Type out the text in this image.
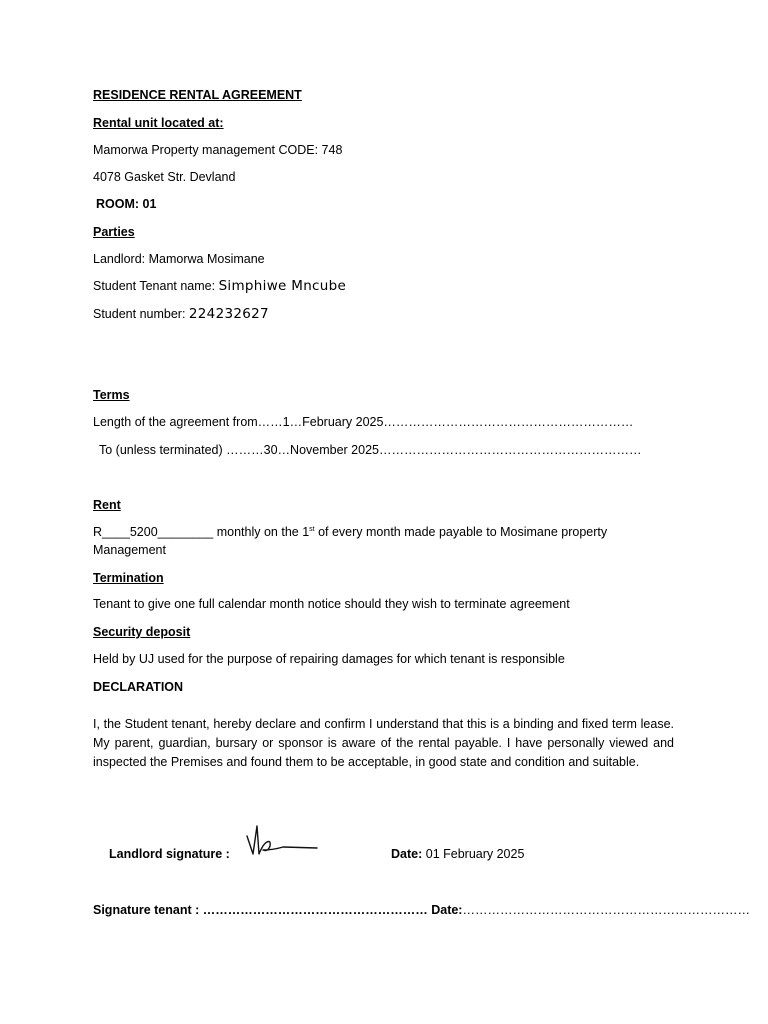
RESIDENCE RENTAL AGREEMENT
Rental unit located at:
Mamorwa Property management CODE: 748
4078 Gasket Str. Devland
ROOM: 01
Parties
Landlord: Mamorwa Mosimane
Student Tenant name: Simphiwe Mncube
Student number: 224232627
Terms
Length of the agreement from……1…February 2025……………………………………………………
To (unless terminated) ………30…November 2025………………………………………………………
Rent
R____5200________ monthly on the 1st of every month made payable to Mosimane property
Management
Termination
Tenant to give one full calendar month notice should they wish to terminate agreement
Security deposit
Held by UJ used for the purpose of repairing damages for which tenant is responsible
DECLARATION
I, the Student tenant, hereby declare and confirm I understand that this is a binding and fixed term lease. My parent, guardian, bursary or sponsor is aware of the rental payable. I have personally viewed and inspected the Premises and found them to be acceptable, in good state and condition and suitable.
Landlord signature :	Date: 01 February 2025
Signature tenant : ……………………………………………… Date:……………………………………………………………
